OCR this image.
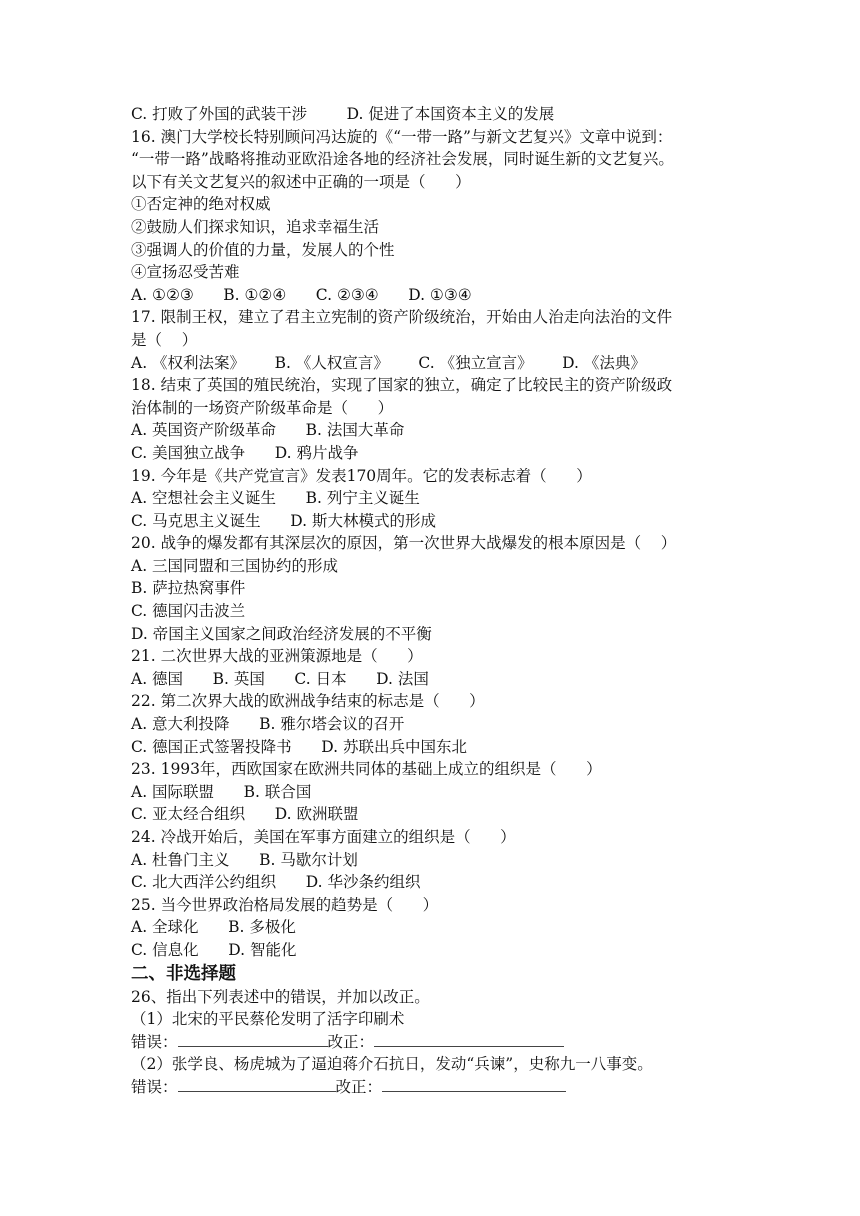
C. 打败了外国的武装干涉        D. 促进了本国资本主义的发展
16. 澳门大学校长特别顾问冯达旋的《“一带一路”与新文艺复兴》文章中说到：
“一带一路”战略将推动亚欧沿途各地的经济社会发展，同时诞生新的文艺复兴。
以下有关文艺复兴的叙述中正确的一项是（      ）
①否定神的绝对权威
②鼓励人们探求知识，追求幸福生活
③强调人的价值的力量，发展人的个性
④宣扬忍受苦难
A. ①②③      B. ①②④      C. ②③④      D. ①③④
17. 限制王权，建立了君主立宪制的资产阶级统治，开始由人治走向法治的文件
是（    ）
A. 《权利法案》      B. 《人权宣言》      C. 《独立宣言》      D. 《法典》
18. 结束了英国的殖民统治，实现了国家的独立，确定了比较民主的资产阶级政
治体制的一场资产阶级革命是（      ）
A. 英国资产阶级革命      B. 法国大革命
C. 美国独立战争      D. 鸦片战争
19. 今年是《共产党宣言》发表170周年。它的发表标志着（      ）
A. 空想社会主义诞生      B. 列宁主义诞生
C. 马克思主义诞生      D. 斯大林模式的形成
20. 战争的爆发都有其深层次的原因，第一次世界大战爆发的根本原因是（    ）
A. 三国同盟和三国协约的形成
B. 萨拉热窝事件
C. 德国闪击波兰
D. 帝国主义国家之间政治经济发展的不平衡
21. 二次世界大战的亚洲策源地是（      ）
A. 德国      B. 英国      C. 日本      D. 法国
22. 第二次界大战的欧洲战争结束的标志是（      ）
A. 意大利投降      B. 雅尔塔会议的召开
C. 德国正式签署投降书      D. 苏联出兵中国东北
23. 1993年，西欧国家在欧洲共同体的基础上成立的组织是（      ）
A. 国际联盟      B. 联合国
C. 亚太经合组织      D. 欧洲联盟
24. 冷战开始后，美国在军事方面建立的组织是（      ）
A. 杜鲁门主义      B. 马歇尔计划
C. 北大西洋公约组织      D. 华沙条约组织
25. 当今世界政治格局发展的趋势是（      ）
A. 全球化      B. 多极化
C. 信息化      D. 智能化
二、非选择题
26、指出下列表述中的错误，并加以改正。
（1）北宋的平民蔡伦发明了活字印刷术
错误：	改正：
（2）张学良、杨虎城为了逼迫蒋介石抗日，发动“兵谏”，史称九一八事变。
错误：	改正：
